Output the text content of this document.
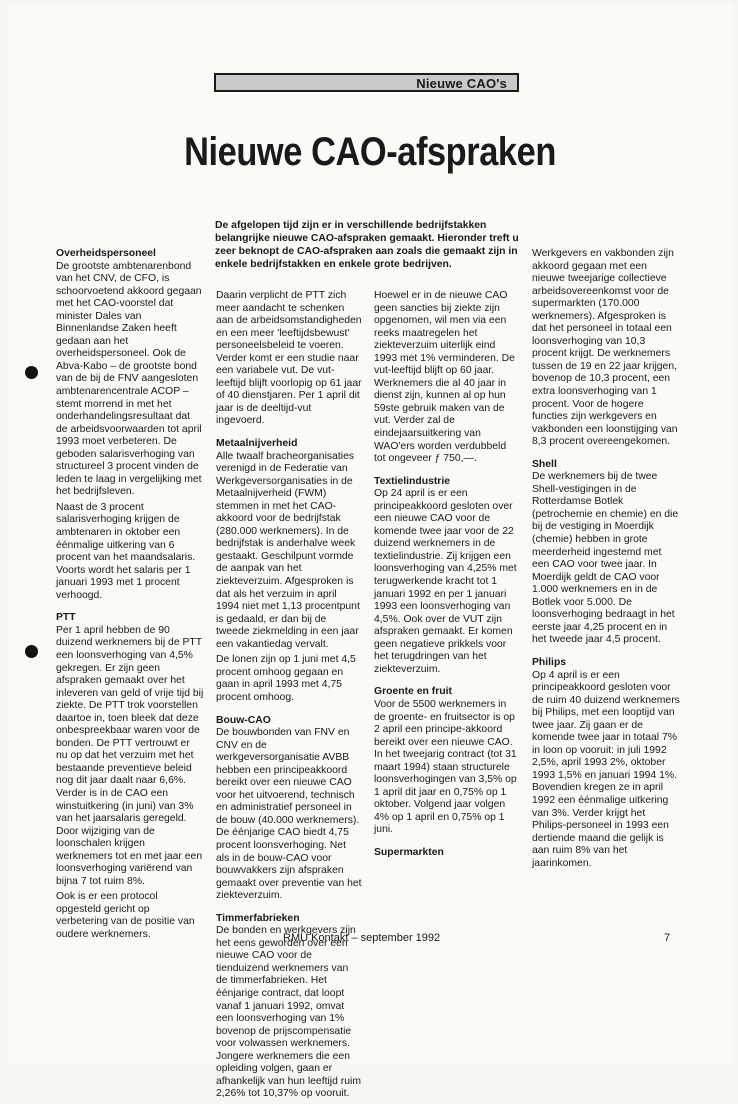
Nieuwe CAO's
Nieuwe CAO-afspraken

De afgelopen tijd zijn er in verschillende bedrijfstakken belangrijke nieuwe CAO-afspraken gemaakt. Hieronder treft u zeer beknopt de CAO-afspraken aan zoals die gemaakt zijn in enkele bedrijfstakken en enkele grote bedrijven.

Overheidspersoneel

De grootste ambtenarenbond van het CNV, de CFO, is schoorvoetend akkoord gegaan met het CAO-voorstel dat minister Dales van Binnenlandse Zaken heeft gedaan aan het overheidspersoneel. Ook de Abva-Kabo – de grootste bond van de bij de FNV aangesloten ambtenarencentrale ACOP – stemt morrend in met het onderhandelingsresultaat dat de arbeidsvoorwaarden tot april 1993 moet verbeteren. De geboden salarisverhoging van structureel 3 procent vinden de leden te laag in vergelijking met het bedrijfsleven.

Naast de 3 procent salarisverhoging krijgen de ambtenaren in oktober een éénmalige uitkering van 6 procent van het maandsalaris. Voorts wordt het salaris per 1 januari 1993 met 1 procent verhoogd.

PTT

Per 1 april hebben de 90 duizend werknemers bij de PTT een loonsverhoging van 4,5% gekregen. Er zijn geen afspraken gemaakt over het inleveren van geld of vrije tijd bij ziekte. De PTT trok voorstellen daartoe in, toen bleek dat deze onbespreekbaar waren voor de bonden. De PTT vertrouwt er nu op dat het verzuim met het bestaande preventieve beleid nog dit jaar daalt naar 6,6%. Verder is in de CAO een winstuitkering (in juni) van 3% van het jaarsalaris geregeld. Door wijziging van de loonschalen krijgen werknemers tot en met jaar een loonsverhoging variërend van bijna 7 tot ruim 8%.

Ook is er een protocol opgesteld gericht op verbetering van de positie van oudere werknemers.

Daarin verplicht de PTT zich meer aandacht te schenken aan de arbeidsomstandigheden en een meer 'leeftijdsbewust' personeelsbeleid te voeren. Verder komt er een studie naar een variabele vut. De vut-leeftijd blijft voorlopig op 61 jaar of 40 dienstjaren. Per 1 april dit jaar is de deeltijd-vut ingevoerd.

Metaalnijverheid

Alle twaalf bracheorganisaties verenigd in de Federatie van Werkgeversorganisaties in de Metaalnijverheid (FWM) stemmen in met het CAO-akkoord voor de bedrijfstak (280.000 werknemers). In de bedrijfstak is anderhalve week gestaakt. Geschilpunt vormde de aanpak van het ziekteverzuim. Afgesproken is dat als het verzuim in april 1994 niet met 1,13 procentpunt is gedaald, er dan bij de tweede ziekmelding in een jaar een vakantiedag vervalt.

De lonen zijn op 1 juni met 4,5 procent omhoog gegaan en gaan in april 1993 met 4,75 procent omhoog.

Bouw-CAO

De bouwbonden van FNV en CNV en de werkgeversorganisatie AVBB hebben een principeakkoord bereikt over een nieuwe CAO voor het uitvoerend, technisch en administratief personeel in de bouw (40.000 werknemers). De éénjarige CAO biedt 4,75 procent loonsverhoging. Net als in de bouw-CAO voor bouwvakkers zijn afspraken gemaakt over preventie van het ziekteverzuim.

Timmerfabrieken

De bonden en werkgevers zijn het eens geworden over een nieuwe CAO voor de tienduizend werknemers van de timmerfabrieken. Het éénjarige contract, dat loopt vanaf 1 januari 1992, omvat een loonsverhoging van 1% bovenop de prijscompensatie voor volwassen werknemers. Jongere werknemers die een opleiding volgen, gaan er afhankelijk van hun leeftijd ruim 2,26% tot 10,37% op vooruit.

Hoewel er in de nieuwe CAO geen sancties bij ziekte zijn opgenomen, wil men via een reeks maatregelen het ziekteverzuim uiterlijk eind 1993 met 1% verminderen. De vut-leeftijd blijft op 60 jaar. Werknemers die al 40 jaar in dienst zijn, kunnen al op hun 59ste gebruik maken van de vut. Verder zal de eindejaarsuitkering van WAO'ers worden verdubbeld tot ongeveer ƒ 750,—.

Textielindustrie

Op 24 april is er een principeakkoord gesloten over een nieuwe CAO voor de komende twee jaar voor de 22 duizend werknemers in de textielindustrie. Zij krijgen een loonsverhoging van 4,25% met terugwerkende kracht tot 1 januari 1992 en per 1 januari 1993 een loonsverhoging van 4,5%. Ook over de VUT zijn afspraken gemaakt. Er komen geen negatieve prikkels voor het terugdringen van het ziekteverzuim.

Groente en fruit

Voor de 5500 werknemers in de groente- en fruitsector is op 2 april een principe-akkoord bereikt over een nieuwe CAO. In het tweejarig contract (tot 31 maart 1994) staan structurele loonsverhogingen van 3,5% op 1 april dit jaar en 0,75% op 1 oktober. Volgend jaar volgen 4% op 1 april en 0,75% op 1 juni.

Supermarkten

Werkgevers en vakbonden zijn akkoord gegaan met een nieuwe tweejarige collectieve arbeidsovereenkomst voor de supermarkten (170.000 werknemers). Afgesproken is dat het personeel in totaal een loonsverhoging van 10,3 procent krijgt. De werknemers tussen de 19 en 22 jaar krijgen, bovenop de 10,3 procent, een extra loonsverhoging van 1 procent. Voor de hogere functies zijn werkgevers en vakbonden een loonstijging van 8,3 procent overeengekomen.

Shell

De werknemers bij de twee Shell-vestigingen in de Rotterdamse Botlek (petrochemie en chemie) en die bij de vestiging in Moerdijk (chemie) hebben in grote meerderheid ingestemd met een CAO voor twee jaar. In Moerdijk geldt de CAO voor 1.000 werknemers en in de Botlek voor 5.000. De loonsverhoging bedraagt in het eerste jaar 4,25 procent en in het tweede jaar 4,5 procent.

Philips

Op 4 april is er een principeakkoord gesloten voor de ruim 40 duizend werknemers bij Philips, met een looptijd van twee jaar. Zij gaan er de komende twee jaar in totaal 7% in loon op vooruit: in juli 1992 2,5%, april 1993 2%, oktober 1993 1,5% en januari 1994 1%. Bovendien kregen ze in april 1992 een éénmalige uitkering van 3%. Verder krijgt het Philips-personeel in 1993 een dertiende maand die gelijk is aan ruim 8% van het jaarinkomen.

RMU Kontakt – september 1992	7
